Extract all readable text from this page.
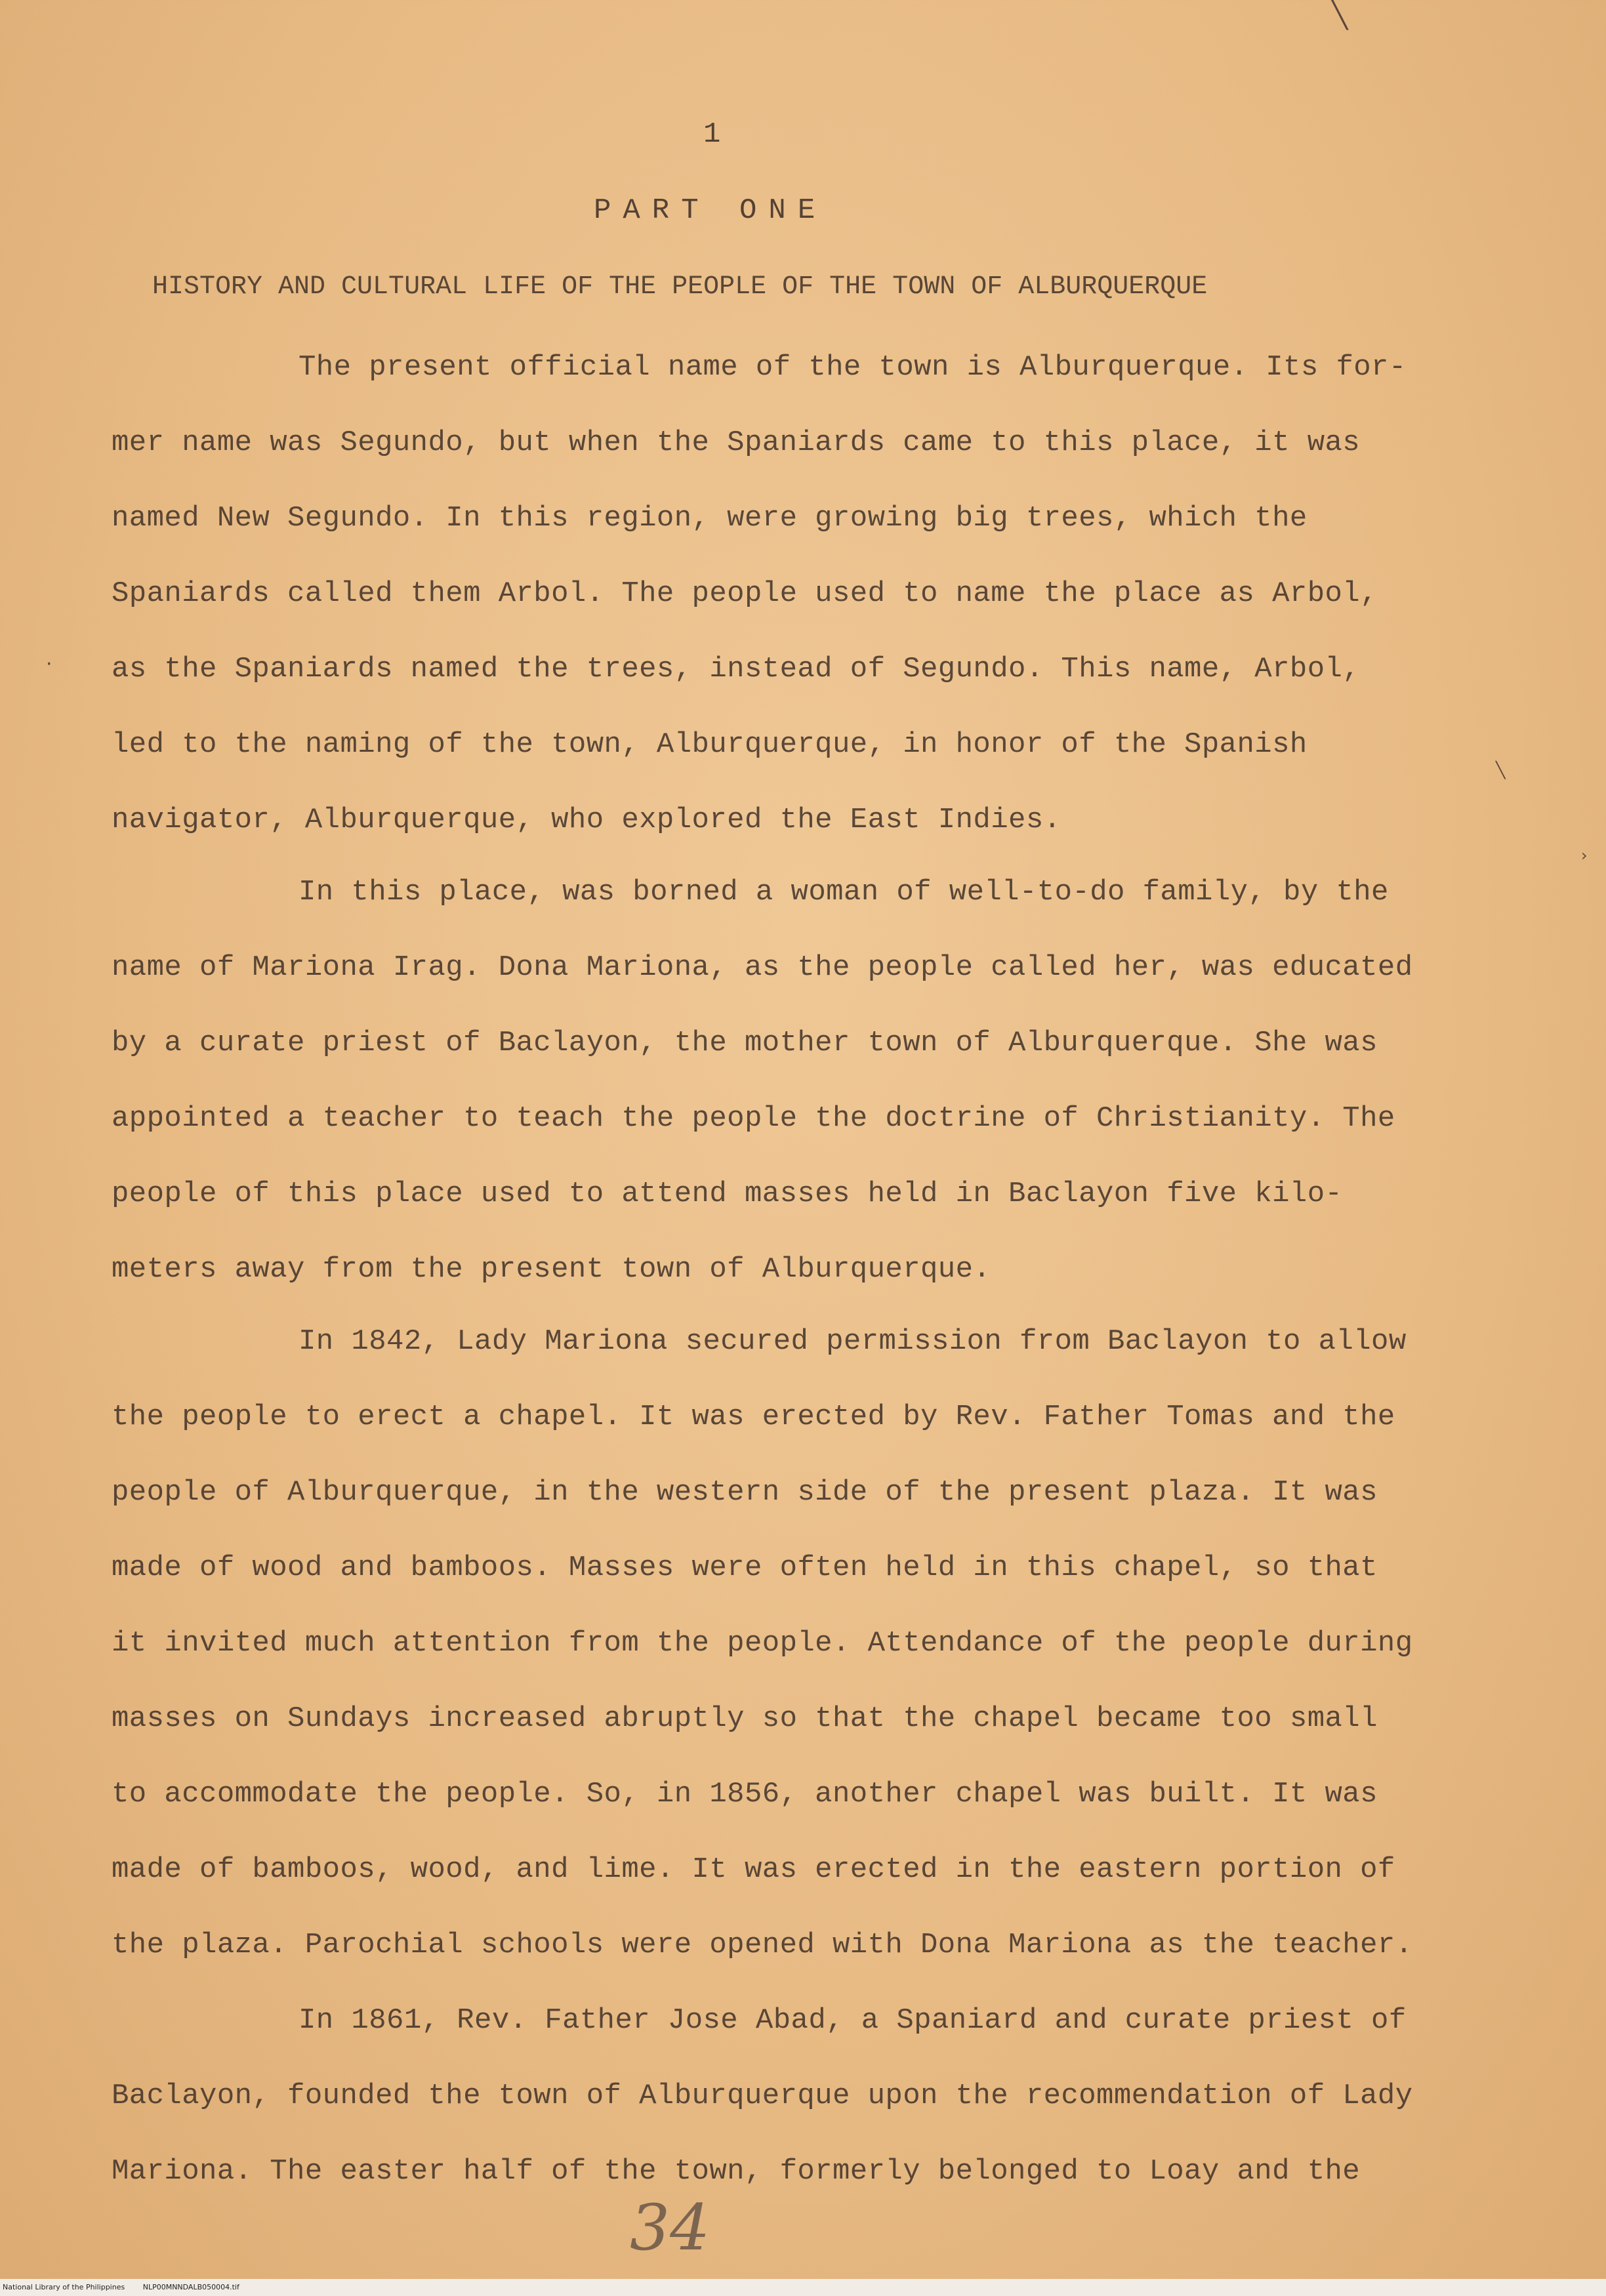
1
PART ONE
HISTORY AND CULTURAL LIFE OF THE PEOPLE OF THE TOWN OF ALBURQUERQUE
The present official name of the town is Alburquerque. Its for-
mer name was Segundo, but when the Spaniards came to this place, it was
named New Segundo. In this region, were growing big trees, which the
Spaniards called them Arbol. The people used to name the place as Arbol,
as the Spaniards named the trees, instead of Segundo. This name, Arbol,
led to the naming of the town, Alburquerque, in honor of the Spanish
navigator, Alburquerque, who explored the East Indies.
In this place, was borned a woman of well-to-do family, by the
name of Mariona Irag. Dona Mariona, as the people called her, was educated
by a curate priest of Baclayon, the mother town of Alburquerque. She was
appointed a teacher to teach the people the doctrine of Christianity. The
people of this place used to attend masses held in Baclayon five kilo-
meters away from the present town of Alburquerque.
In 1842, Lady Mariona secured permission from Baclayon to allow
the people to erect a chapel. It was erected by Rev. Father Tomas and the
people of Alburquerque, in the western side of the present plaza. It was
made of wood and bamboos. Masses were often held in this chapel, so that
it invited much attention from the people. Attendance of the people during
masses on Sundays increased abruptly so that the chapel became too small
to accommodate the people. So, in 1856, another chapel was built. It was
made of bamboos, wood, and lime. It was erected in the eastern portion of
the plaza. Parochial schools were opened with Dona Mariona as the teacher.
In 1861, Rev. Father Jose Abad, a Spaniard and curate priest of
Baclayon, founded the town of Alburquerque upon the recommendation of Lady
Mariona. The easter half of the town, formerly belonged to Loay and the
34
╲
·
›
╲
National Library of the Philippines	NLP00MNNDALB050004.tif
